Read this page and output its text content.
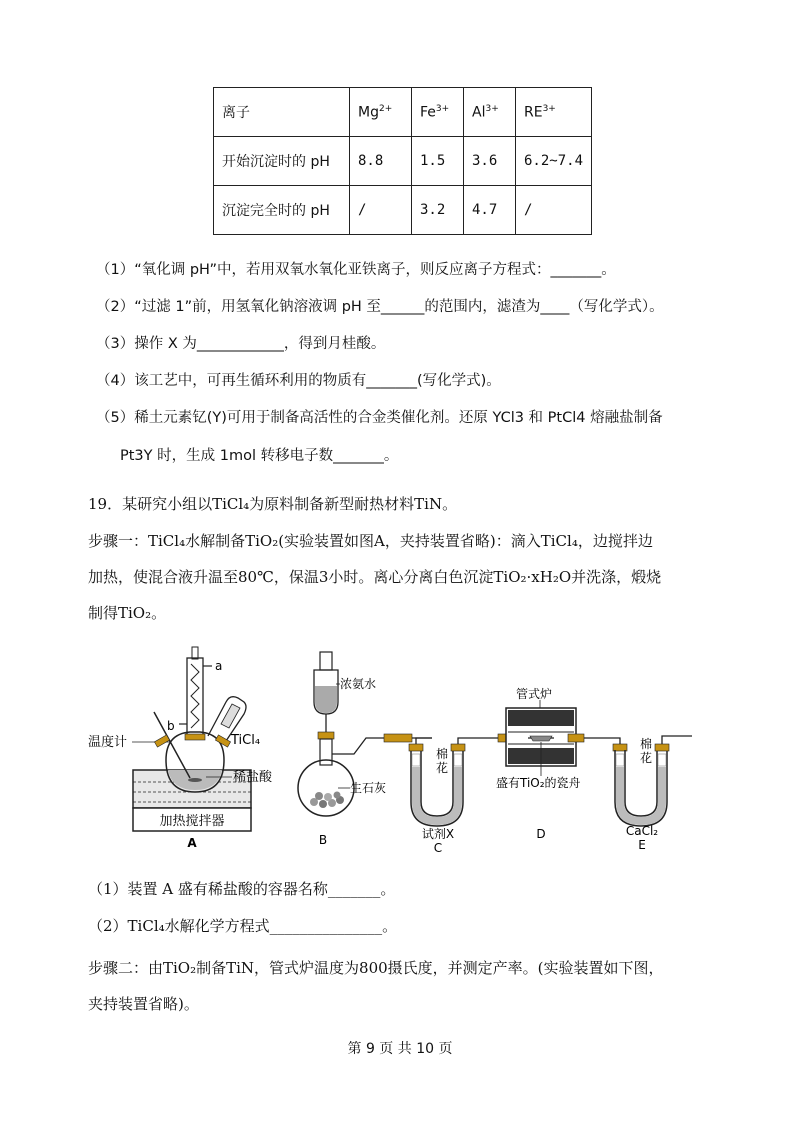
离子	$Mg^{2+}$	$Fe^{3+}$	$Al^{3+}$	$RE^{3+}$
开始沉淀时的 pH	8.8	1.5	3.6	6.2~7.4
沉淀完全时的 pH	/	3.2	4.7	/
（1）“氧化调 pH”中，若用双氧水氧化亚铁离子，则反应离子方程式：_______。
（2）“过滤 1”前，用氢氧化钠溶液调 pH 至______的范围内，滤渣为____（写化学式）。
（3）操作 X 为____________，得到月桂酸。
（4）该工艺中，可再生循环利用的物质有_______(写化学式)。
（5）稀土元素钇(Y)可用于制备高活性的合金类催化剂。还原 YCl3 和 PtCl4 熔融盐制备
Pt3Y 时，生成 1mol 转移电子数_______。
19．某研究小组以TiCl₄为原料制备新型耐热材料TiN。
步骤一：TiCl₄水解制备TiO₂(实验装置如图A，夹持装置省略)：滴入TiCl₄，边搅拌边
加热，使混合液升温至80℃，保温3小时。离心分离白色沉淀TiO₂·xH₂O并洗涤，煅烧
制得TiO₂。
加热搅拌器
A
a
b
温度计	TiCl₄
稀盐酸
浓氨水
生石灰
B
棉
花
试剂X
C
管式炉
盛有TiO₂的瓷舟
D
棉
花
CaCl₂
E
（1）装置 A 盛有稀盐酸的容器名称_______。
（2）TiCl₄水解化学方程式_______________。
步骤二：由TiO₂制备TiN，管式炉温度为800摄氏度，并测定产率。(实验装置如下图，
夹持装置省略)。
第 9 页 共 10 页
